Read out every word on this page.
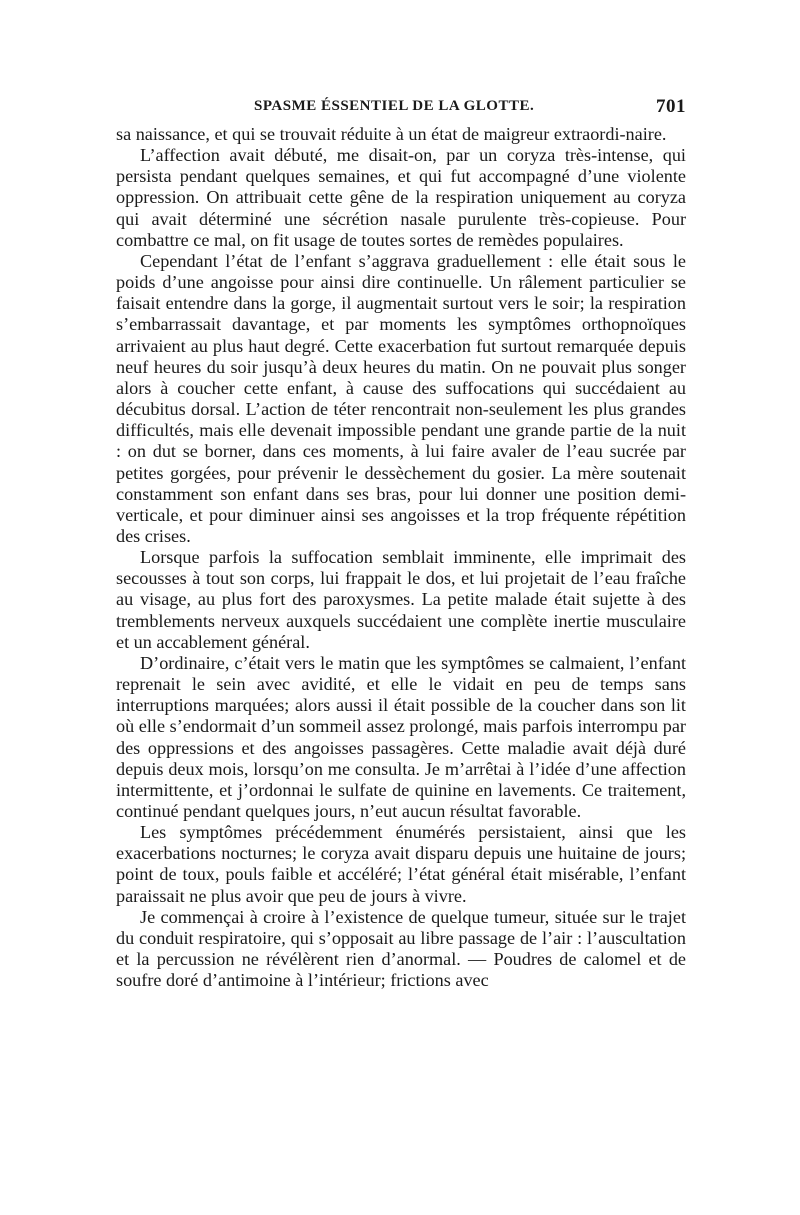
SPASME ÉSSENTIEL DE LA GLOTTE.	701

sa naissance, et qui se trouvait réduite à un état de maigreur extraordi-naire.

L’affection avait débuté, me disait-on, par un coryza très-intense, qui persista pendant quelques semaines, et qui fut accompagné d’une violente oppression. On attribuait cette gêne de la respiration uniquement au coryza qui avait déterminé une sécrétion nasale purulente très-copieuse. Pour combattre ce mal, on fit usage de toutes sortes de remèdes populaires.

Cependant l’état de l’enfant s’aggrava graduellement : elle était sous le poids d’une angoisse pour ainsi dire continuelle. Un râlement particulier se faisait entendre dans la gorge, il augmentait surtout vers le soir; la respiration s’embarrassait davantage, et par moments les symptômes orthopnoïques arrivaient au plus haut degré. Cette exacerbation fut surtout remarquée depuis neuf heures du soir jusqu’à deux heures du matin. On ne pouvait plus songer alors à coucher cette enfant, à cause des suffocations qui succédaient au décubitus dorsal. L’action de téter rencontrait non-seulement les plus grandes difficultés, mais elle devenait impossible pendant une grande partie de la nuit : on dut se borner, dans ces moments, à lui faire avaler de l’eau sucrée par petites gorgées, pour prévenir le dessèchement du gosier. La mère soutenait constamment son enfant dans ses bras, pour lui donner une position demi-verticale, et pour diminuer ainsi ses angoisses et la trop fréquente répétition des crises.

Lorsque parfois la suffocation semblait imminente, elle imprimait des secousses à tout son corps, lui frappait le dos, et lui projetait de l’eau fraîche au visage, au plus fort des paroxysmes. La petite malade était sujette à des tremblements nerveux auxquels succédaient une complète inertie musculaire et un accablement général.

D’ordinaire, c’était vers le matin que les symptômes se calmaient, l’enfant reprenait le sein avec avidité, et elle le vidait en peu de temps sans interruptions marquées; alors aussi il était possible de la coucher dans son lit où elle s’endormait d’un sommeil assez prolongé, mais parfois interrompu par des oppressions et des angoisses passagères. Cette maladie avait déjà duré depuis deux mois, lorsqu’on me consulta. Je m’arrêtai à l’idée d’une affection intermittente, et j’ordonnai le sulfate de quinine en lavements. Ce traitement, continué pendant quelques jours, n’eut aucun résultat favorable.

Les symptômes précédemment énumérés persistaient, ainsi que les exacerbations nocturnes; le coryza avait disparu depuis une huitaine de jours; point de toux, pouls faible et accéléré; l’état général était misérable, l’enfant paraissait ne plus avoir que peu de jours à vivre.

Je commençai à croire à l’existence de quelque tumeur, située sur le trajet du conduit respiratoire, qui s’opposait au libre passage de l’air : l’auscultation et la percussion ne révélèrent rien d’anormal. — Poudres de calomel et de soufre doré d’antimoine à l’intérieur; frictions avec
